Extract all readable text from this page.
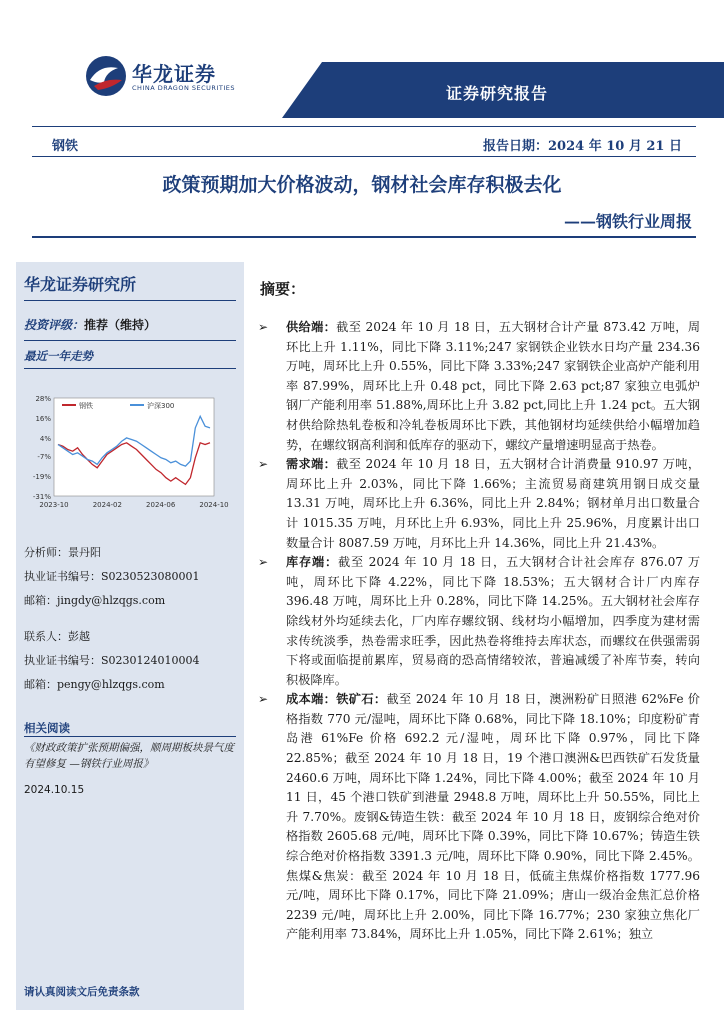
华龙证券
CHINA DRAGON SECURITIES	证券研究报告
钢铁	报告日期：2024 年 10 月 21 日
政策预期加大价格波动，钢材社会库存积极去化
——钢铁行业周报
华龙证券研究所
投资评级：推荐（维持）
最近一年走势
28%
16%
4%
-7%
-19%
-31%
2023-10	2024-02	2024-06	2024-10
钢铁	沪深300
分析师：景丹阳
执业证书编号：S0230523080001
邮箱：jingdy@hlzqgs.com
联系人：彭越
执业证书编号：S0230124010004
邮箱：pengy@hlzqgs.com
相关阅读
《财政政策扩张预期偏强，顺周期板块景气度有望修复 —钢铁行业周报》
2024.10.15
请认真阅读文后免责条款
摘要：
➢ 供给端：截至 2024 年 10 月 18 日，五大钢材合计产量 873.42 万吨，周环比上升 1.11%，同比下降 3.11%;247 家钢铁企业铁水日均产量 234.36 万吨，周环比上升 0.55%，同比下降 3.33%;247 家钢铁企业高炉产能利用率 87.99%，周环比上升 0.48 pct，同比下降 2.63 pct;87 家独立电弧炉钢厂产能利用率 51.88%,周环比上升 3.82 pct,同比上升 1.24 pct。五大钢材供给除热轧卷板和冷轧卷板周环比下跌，其他钢材均延续供给小幅增加趋势，在螺纹钢高利润和低库存的驱动下，螺纹产量增速明显高于热卷。
➢ 需求端：截至 2024 年 10 月 18 日，五大钢材合计消费量 910.97 万吨，周环比上升 2.03%，同比下降 1.66%；主流贸易商建筑用钢日成交量 13.31 万吨，周环比上升 6.36%，同比上升 2.84%；钢材单月出口数量合计 1015.35 万吨，月环比上升 6.93%，同比上升 25.96%，月度累计出口数量合计 8087.59 万吨，月环比上升 14.36%，同比上升 21.43%。
➢ 库存端：截至 2024 年 10 月 18 日，五大钢材合计社会库存 876.07 万吨，周环比下降 4.22%，同比下降 18.53%；五大钢材合计厂内库存 396.48 万吨，周环比上升 0.28%，同比下降 14.25%。五大钢材社会库存除线材外均延续去化，厂内库存螺纹钢、线材均小幅增加，四季度为建材需求传统淡季，热卷需求旺季，因此热卷将维持去库状态，而螺纹在供强需弱下将或面临提前累库，贸易商的恐高情绪较浓，普遍减缓了补库节奏，转向积极降库。
➢ 成本端：铁矿石：截至 2024 年 10 月 18 日，澳洲粉矿日照港 62%Fe 价格指数 770 元/湿吨，周环比下降 0.68%，同比下降 18.10%；印度粉矿青岛港 61%Fe 价格 692.2 元/湿吨，周环比下降 0.97%，同比下降 22.85%；截至 2024 年 10 月 18 日，19 个港口澳洲&巴西铁矿石发货量 2460.6 万吨，周环比下降 1.24%，同比下降 4.00%；截至 2024 年 10 月 11 日，45 个港口铁矿到港量 2948.8 万吨，周环比上升 50.55%，同比上升 7.70%。废钢&铸造生铁：截至 2024 年 10 月 18 日，废钢综合绝对价格指数 2605.68 元/吨，周环比下降 0.39%，同比下降 10.67%；铸造生铁综合绝对价格指数 3391.3 元/吨，周环比下降 0.90%，同比下降 2.45%。焦煤&焦炭：截至 2024 年 10 月 18 日，低硫主焦煤价格指数 1777.96 元/吨，周环比下降 0.17%，同比下降 21.09%；唐山一级冶金焦汇总价格 2239 元/吨，周环比上升 2.00%，同比下降 16.77%；230 家独立焦化厂产能利用率 73.84%，周环比上升 1.05%，同比下降 2.61%；独立
